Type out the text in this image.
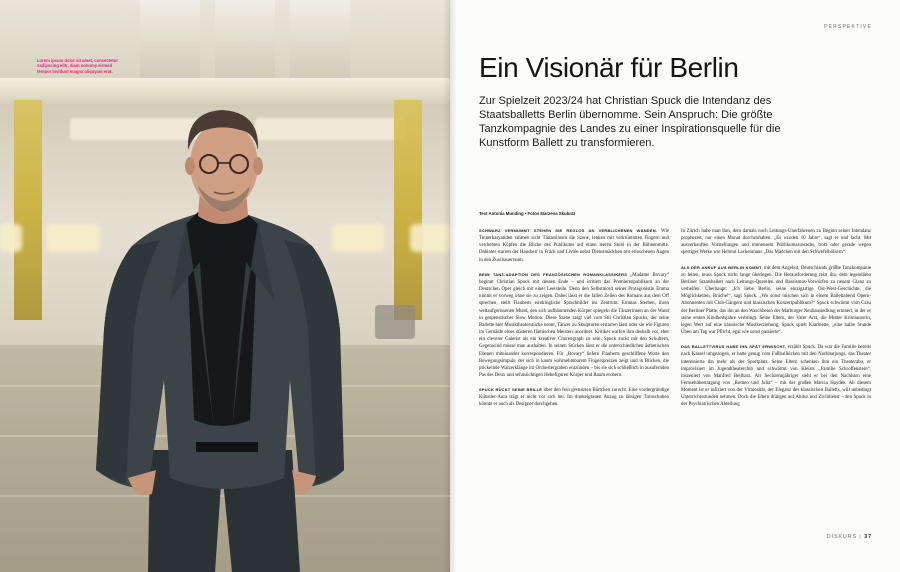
Lorem ipsum dolor sit amet, consectetur sadipscing elitr, diam nonumy eirmod tempor invidunt magna aliquyam erat.
PERSPEKTIVE
Ein Visionär für Berlin

Zur Spielzeit 2023/24 hat Christian Spuck die Intendanz des Staatsballetts Berlin übernomme. Sein Anspruch: Die größte Tanzkompagnie des Landes zu einer Inspirationsquelle für die Kunstform Ballett zu transformieren.

Text Antonia Munding • Fotos Marzena Skubatz

SCHWARZ VERMUMMT STEHEN SIE REGLOS AN VERBLICHENEN WÄNDEN. Wie Tinnerkaryatiden rahmen sicht Tänzerinnen die Szene, lenken mit verkrümmten Fingern und verdrehten Köpfen die Blicke des Publikums auf einen leeren Stuhl in der Bühnenmitte. Dahinter starren der Hausherr in Frack und Livrée nebst Dienstmädchen mit erloschenen Augen in den Zuschauerraum.

BEIM TANZ-ADAPTION DES FRANZÖSISCHEN ROMANKLASSIKERS „Madame Bovary“ beginnt Christian Spuck mit dessen Ende – und irritiert das Premierenpublikum an der Deutschen Oper gleich mit einer Leerstelle. Denn den Selbstmord seiner Protagonistin Emma nimmt er vorweg ohne sie zu zeigen. Dabei lässt er die fallen Zeilen des Romans aus dem Off sprechen, stellt Flauberts eindringliche Sprachbilder ins Zentrum: Emmas Sterben, ihren weitaufgerissenen Mund, den sich aufbäumenden Körper spiegeln die Tänzerinnen an der Wand in gespenstischer Slow Motion. Diese Szene zeigt viel vom Stil Christian Spucks, der seine Ballette hier Musiktheaterstücke nennt, Tänzer zu Skulpturen erstarren lässt oder sie wie Figuren im Gemälde eines düsteren flämischen Meisters anordnet. Kritiker warfen ihm deshalb vor, eher ein cleverer Galerist als ein kreativer Choreograph zu sein. Spuck zuckt mit den Schultern, Gegenwind müsse man aushalten. In seinen Stücken lässt er die unterschiedlichen ästhetischen Ebenen miteinander korrespondieren. Für „Bovary“ liefern Flauberts geschliffene Worte den Bewegungsimpuls, der sich in kaum wahrnehmbarem Fingerspreizen zeigt und in Blicken, die prickelnde Walzerklänge im Orchestergraben entzünden – bis sie sich schließlich in ausufernden Pas des Deux und sehnsüchtigen Hebefiguren Körper und Raum erobern.

SPUCK RÜCKT SEINE BRILLE über den fein gestutzten Bärtchen zurecht. Eine vordergründige Künstler-Aura trägt er nicht vor sich her. Im dunkelgrauen Anzug zu lässigen Turnschuhen könnte er auch als Designer durchgehen.

In Zürich habe man ihm, dem damals noch Leitungs-Unerfahrenen zu Beginn seiner Intendanz prophezeit, nur einen Monat durchzuhalten. „Es wurden 10 Jahre“, sagt er und lacht. Mit ausverkauften Vorstellungen und immensem Publikumszuwachs, trotz oder gerade wegen sperriger Werke wie Helmut Lachenmans „Das Mädchen mit den Schwefelhölzern“.

ALS DER ANRUF AUS BERLIN KOMMT, mit dem Angebot, Deutschlands größte Tanzkompanie zu leiten, muss Spuck nicht lange überlegen. Die Herausforderung reizt ihn, dem legendären Berliner Staatsballett nach Leitungs-Querelen und Rassismus-Vorwürfen zu neuem Glanz zu verhelfen. Überhaupt: „Ich liebe Berlin, seine einzigartige Ost-West-Geschichte, die Möglichkeiten, Brüche!“, sagt Spuck. „Wo sonst mischen sich in einem Ballettabend Opern-Abonnenten mit Club-Gängern und klassischen Konzertpublikum?“ Spuck schwärmt vom Grau der Berliner Platte, das ihn an den Waschbeton der Marburger Neubausiedlung erinnert, in der er seine ersten Kindheitsjahre verbringt. Seine Eltern, der Vater Arzt, die Mutter Krimiautorin, legen Wert auf eine klassische Musikerziehung, Spuck spielt Klarinette, „eine halbe Stunde Üben am Tag war Pflicht, egal wie sonst passierte“.

DAS BALLETTVIRUS HABE IHN SPÄT ERWISCHT, erzählt Spuck. Da war die Familie bereits nach Kassel umgezogen, er hatte genug vom Fußballkicken mit den Nachbarjungs, das Theater interessierte ihn mehr als der Sportplatz. Seine Eltern schenken ihm ein Theaterabo, er improvisiert im Jugendtheaterclub und schwärmt von Kleists „Familie Schroffenstein“, inszeniert von Manfred Beilharz. Als Sechzehnjähriger sieht er bei den Nachbarn eine Fernsehübertragung von „Romeo und Julia“ – mit der großen Marcia Haydée. Ab diesem Moment ist er infiziert von der Virtuosität, der Eleganz des klassischen Balletts, will unbedingt Unterrichtsstunden nehmen. Doch die Eltern drängen auf Abitur und Zivildienst – den Spuck in der Psychiatrischen Abteilung

DISKURS | 37
